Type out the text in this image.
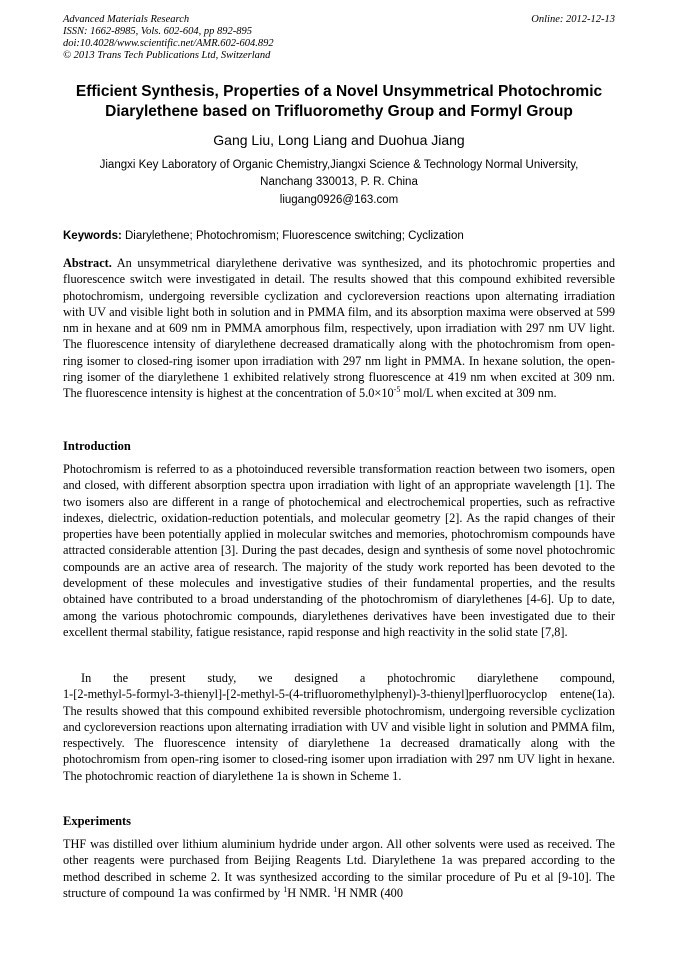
Advanced Materials Research
ISSN: 1662-8985, Vols. 602-604, pp 892-895
doi:10.4028/www.scientific.net/AMR.602-604.892
© 2013 Trans Tech Publications Ltd, Switzerland
Online: 2012-12-13
Efficient Synthesis, Properties of a Novel Unsymmetrical Photochromic
Diarylethene based on Trifluoromethy Group and Formyl Group
Gang Liu, Long Liang and Duohua Jiang
Jiangxi Key Laboratory of Organic Chemistry,Jiangxi Science & Technology Normal University,
Nanchang 330013, P. R. China
liugang0926@163.com
Keywords: Diarylethene; Photochromism; Fluorescence switching; Cyclization
Abstract. An unsymmetrical diarylethene derivative was synthesized, and its photochromic properties and fluorescence switch were investigated in detail. The results showed that this compound exhibited reversible photochromism, undergoing reversible cyclization and cycloreversion reactions upon alternating irradiation with UV and visible light both in solution and in PMMA film, and its absorption maxima were observed at 599 nm in hexane and at 609 nm in PMMA amorphous film, respectively, upon irradiation with 297 nm UV light. The fluorescence intensity of diarylethene decreased dramatically along with the photochromism from open-ring isomer to closed-ring isomer upon irradiation with 297 nm light in PMMA. In hexane solution, the open-ring isomer of the diarylethene 1 exhibited relatively strong fluorescence at 419 nm when excited at 309 nm. The fluorescence intensity is highest at the concentration of $5.0\times 10^{-5}$ mol/L when excited at 309 nm.
Introduction

Photochromism is referred to as a photoinduced reversible transformation reaction between two isomers, open and closed, with different absorption spectra upon irradiation with light of an appropriate wavelength [1]. The two isomers also are different in a range of photochemical and electrochemical properties, such as refractive indexes, dielectric, oxidation-reduction potentials, and molecular geometry [2]. As the rapid changes of their properties have been potentially applied in molecular switches and memories, photochromism compounds have attracted considerable attention [3]. During the past decades, design and synthesis of some novel photochromic compounds are an active area of research. The majority of the study work reported has been devoted to the development of these molecules and investigative studies of their fundamental properties, and the results obtained have contributed to a broad understanding of the photochromism of diarylethenes [4-6]. Up to date, among the various photochromic compounds, diarylethenes derivatives have been investigated due to their excellent thermal stability, fatigue resistance, rapid response and high reactivity in the solid state [7,8].

In the present study, we designed a photochromic diarylethene compound, 1-[2-methyl-5-formyl-3-thienyl]-[2-methyl-5-(4-trifluoromethylphenyl)-3-thienyl]perfluorocyclop entene(1a). The results showed that this compound exhibited reversible photochromism, undergoing reversible cyclization and cycloreversion reactions upon alternating irradiation with UV and visible light in solution and PMMA film, respectively. The fluorescence intensity of diarylethene 1a decreased dramatically along with the photochromism from open-ring isomer to closed-ring isomer upon irradiation with 297 nm UV light in hexane. The photochromic reaction of diarylethene 1a is shown in Scheme 1.

Experiments

THF was distilled over lithium aluminium hydride under argon. All other solvents were used as received. The other reagents were purchased from Beijing Reagents Ltd. Diarylethene 1a was prepared according to the method described in scheme 2. It was synthesized according to the similar procedure of Pu et al [9-10]. The structure of compound 1a was confirmed by $^1$H NMR. $^1$H NMR (400
